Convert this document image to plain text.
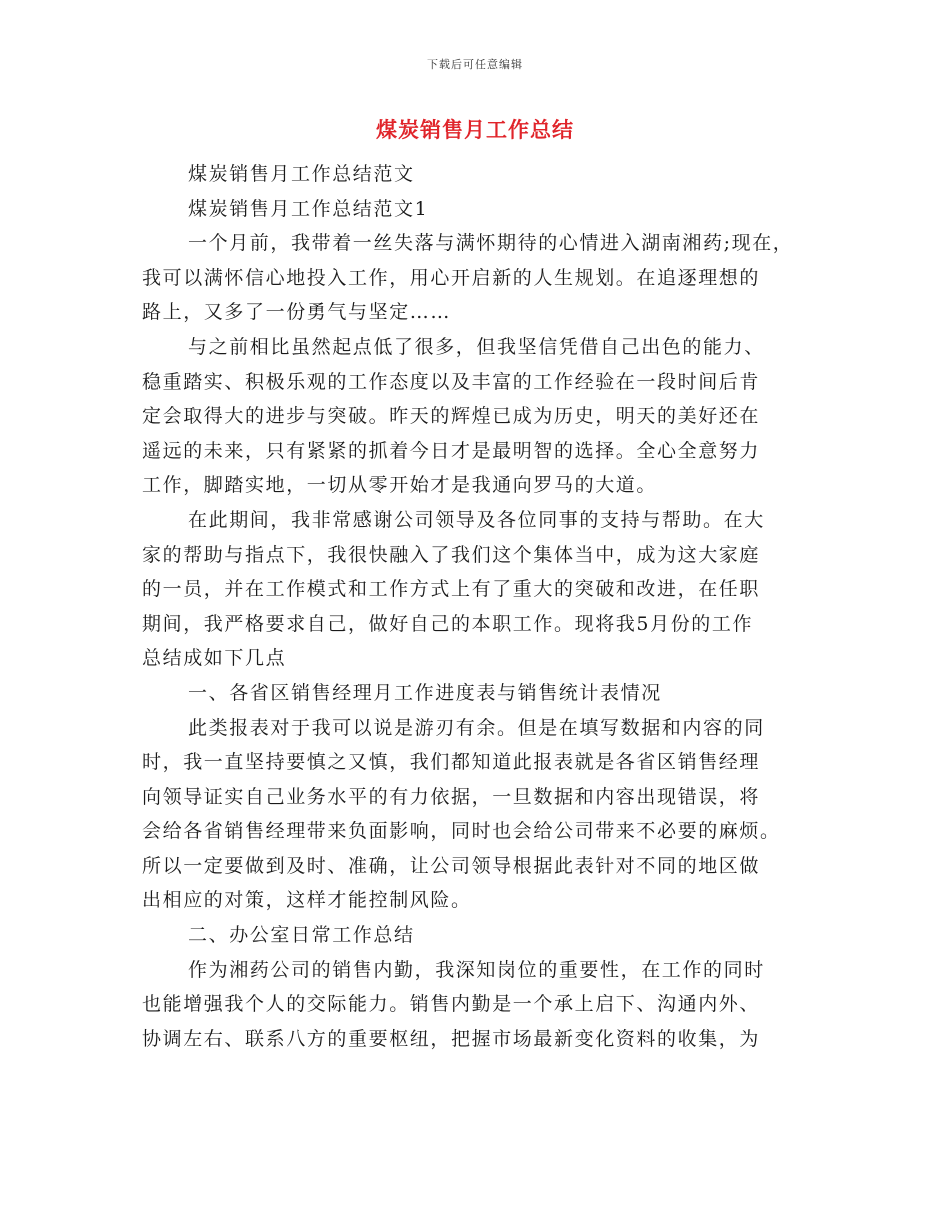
下载后可任意编辑
煤炭销售月工作总结
煤炭销售月工作总结范文
煤炭销售月工作总结范文1
一个月前，我带着一丝失落与满怀期待的心情进入湖南湘药;现在，
我可以满怀信心地投入工作，用心开启新的人生规划。在追逐理想的
路上，又多了一份勇气与坚定……
与之前相比虽然起点低了很多，但我坚信凭借自己出色的能力、
稳重踏实、积极乐观的工作态度以及丰富的工作经验在一段时间后肯
定会取得大的进步与突破。昨天的辉煌已成为历史，明天的美好还在
遥远的未来，只有紧紧的抓着今日才是最明智的选择。全心全意努力
工作，脚踏实地，一切从零开始才是我通向罗马的大道。
在此期间，我非常感谢公司领导及各位同事的支持与帮助。在大
家的帮助与指点下，我很快融入了我们这个集体当中，成为这大家庭
的一员，并在工作模式和工作方式上有了重大的突破和改进，在任职
期间，我严格要求自己，做好自己的本职工作。现将我5月份的工作
总结成如下几点
一、各省区销售经理月工作进度表与销售统计表情况
此类报表对于我可以说是游刃有余。但是在填写数据和内容的同
时，我一直坚持要慎之又慎，我们都知道此报表就是各省区销售经理
向领导证实自己业务水平的有力依据，一旦数据和内容出现错误，将
会给各省销售经理带来负面影响，同时也会给公司带来不必要的麻烦。
所以一定要做到及时、准确，让公司领导根据此表针对不同的地区做
出相应的对策，这样才能控制风险。
二、办公室日常工作总结
作为湘药公司的销售内勤，我深知岗位的重要性，在工作的同时
也能增强我个人的交际能力。销售内勤是一个承上启下、沟通内外、
协调左右、联系八方的重要枢纽，把握市场最新变化资料的收集，为
